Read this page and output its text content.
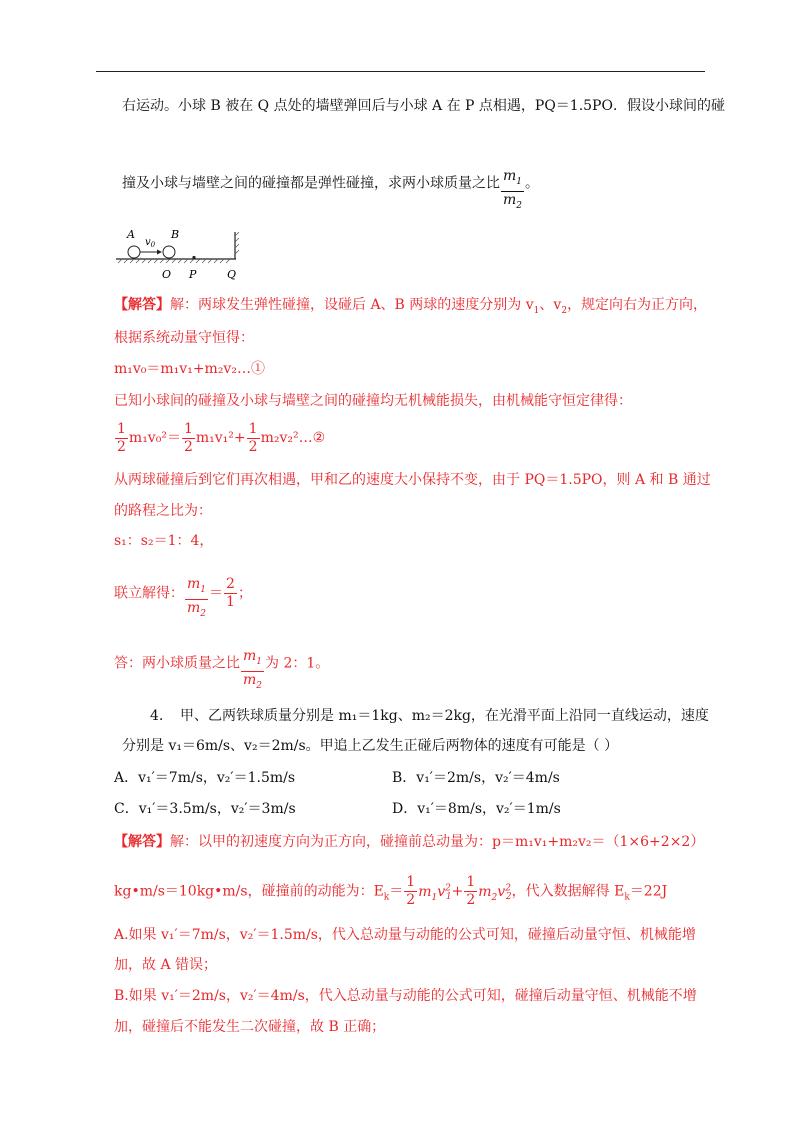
右运动。小球 B 被在 Q 点处的墙壁弹回后与小球 A 在 P 点相遇，PQ＝1.5PO．假设小球间的碰
撞及小球与墙壁之间的碰撞都是弹性碰撞，求两小球质量之比 $\frac{m_1}{m_2}$ 。
A	B
$v_0$
O P	Q
【解答】解：两球发生弹性碰撞，设碰后 A、B 两球的速度分别为 $v_1$、$v_2$，规定向右为正方向，
根据系统动量守恒得：
m₁v₀＝m₁v₁+m₂v₂…①
已知小球间的碰撞及小球与墙壁之间的碰撞均无机械能损失，由机械能守恒定律得：
$\frac{1}{2} m_1v_0^2= \frac{1}{2} m_1v_1^2+ \frac{1}{2}$ m₂v₂²…②
从两球碰撞后到它们再次相遇，甲和乙的速度大小保持不变，由于 PQ＝1.5PO，则 A 和 B 通过
的路程之比为：
s₁：s₂＝1：4，
联立解得： $\frac{m_1}{m_2} = \frac{2}{1}$ ；
答：两小球质量之比 $\frac{m_1}{m_2}$ 为 2：1。
4. 甲、乙两铁球质量分别是 m₁＝1kg、m₂＝2kg，在光滑平面上沿同一直线运动，速度
分别是 v₁＝6m/s、v₂＝2m/s。甲追上乙发生正碰后两物体的速度有可能是（ ）
A．v₁′＝7m/s，v₂′＝1.5m/s	B．v₁′＝2m/s，v₂′＝4m/s
C．v₁′＝3.5m/s，v₂′＝3m/s	D．v₁′＝8m/s，v₂′＝1m/s
【解答】解：以甲的初速度方向为正方向，碰撞前总动量为：p＝m₁v₁+m₂v₂＝（1×6+2×2）
kg•m/s＝10kg•m/s，碰撞前的动能为：$E_k= \frac{1}{2} m_1v^2_1+ \frac{1}{2} m_2v^2_2$，代入数据解得 $E_k=22J$
A.如果 v₁′＝7m/s，v₂′＝1.5m/s，代入总动量与动能的公式可知，碰撞后动量守恒、机械能增
加，故 A 错误；
B.如果 v₁′＝2m/s，v₂′＝4m/s，代入总动量与动能的公式可知，碰撞后动量守恒、机械能不增
加，碰撞后不能发生二次碰撞，故 B 正确；
